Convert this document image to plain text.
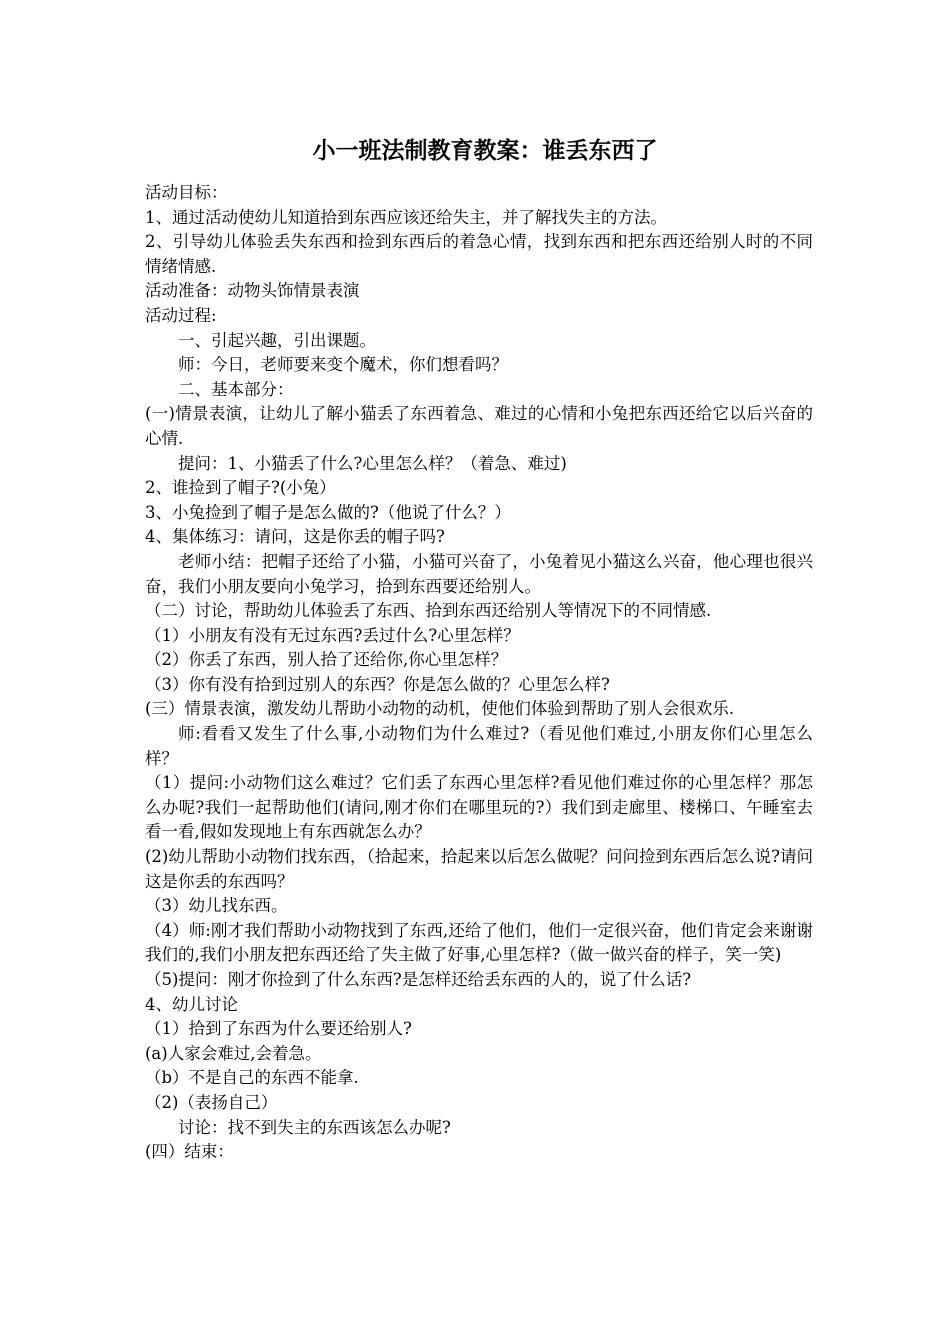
小一班法制教育教案：谁丢东西了

活动目标：

1、通过活动使幼儿知道拾到东西应该还给失主，并了解找失主的方法。

2、引导幼儿体验丢失东西和捡到东西后的着急心情，找到东西和把东西还给别人时的不同情绪情感.

活动准备：动物头饰情景表演

活动过程:

一、引起兴趣，引出课题。

师：今日，老师要来变个魔术，你们想看吗？

二、基本部分：

(一)情景表演，让幼儿了解小猫丢了东西着急、难过的心情和小兔把东西还给它以后兴奋的心情.

提问：1、小猫丢了什么?心里怎么样？（着急、难过)

2、谁捡到了帽子?(小兔）

3、小兔捡到了帽子是怎么做的?（他说了什么？）

4、集体练习：请问，这是你丢的帽子吗?

老师小结：把帽子还给了小猫，小猫可兴奋了，小兔着见小猫这么兴奋，他心理也很兴奋，我们小朋友要向小兔学习，拾到东西要还给别人。

（二）讨论，帮助幼儿体验丢了东西、拾到东西还给别人等情况下的不同情感.

（1）小朋友有没有无过东西?丢过什么?心里怎样？

（2）你丢了东西，别人拾了还给你,你心里怎样？

（3）你有没有拾到过别人的东西？你是怎么做的？心里怎么样?

(三）情景表演，激发幼儿帮助小动物的动机，使他们体验到帮助了别人会很欢乐.

师:看看又发生了什么事,小动物们为什么难过?（看见他们难过,小朋友你们心里怎么样？

（1）提问:小动物们这么难过？它们丢了东西心里怎样?看见他们难过你的心里怎样？那怎么办呢?我们一起帮助他们(请问,刚才你们在哪里玩的?）我们到走廊里、楼梯口、午睡室去看一看,假如发现地上有东西就怎么办？

(2)幼儿帮助小动物们找东西，（拾起来，拾起来以后怎么做呢？问问捡到东西后怎么说?请问这是你丢的东西吗？

（3）幼儿找东西。

（4）师:刚才我们帮助小动物找到了东西,还给了他们，他们一定很兴奋，他们肯定会来谢谢我们的,我们小朋友把东西还给了失主做了好事,心里怎样?（做一做兴奋的样子，笑一笑)

（5)提问：刚才你捡到了什么东西?是怎样还给丢东西的人的，说了什么话?

4、幼儿讨论

（1）拾到了东西为什么要还给别人?

(a)人家会难过,会着急。

（b）不是自己的东西不能拿.

（2)（表扬自己）

讨论：找不到失主的东西该怎么办呢?

(四）结束：
